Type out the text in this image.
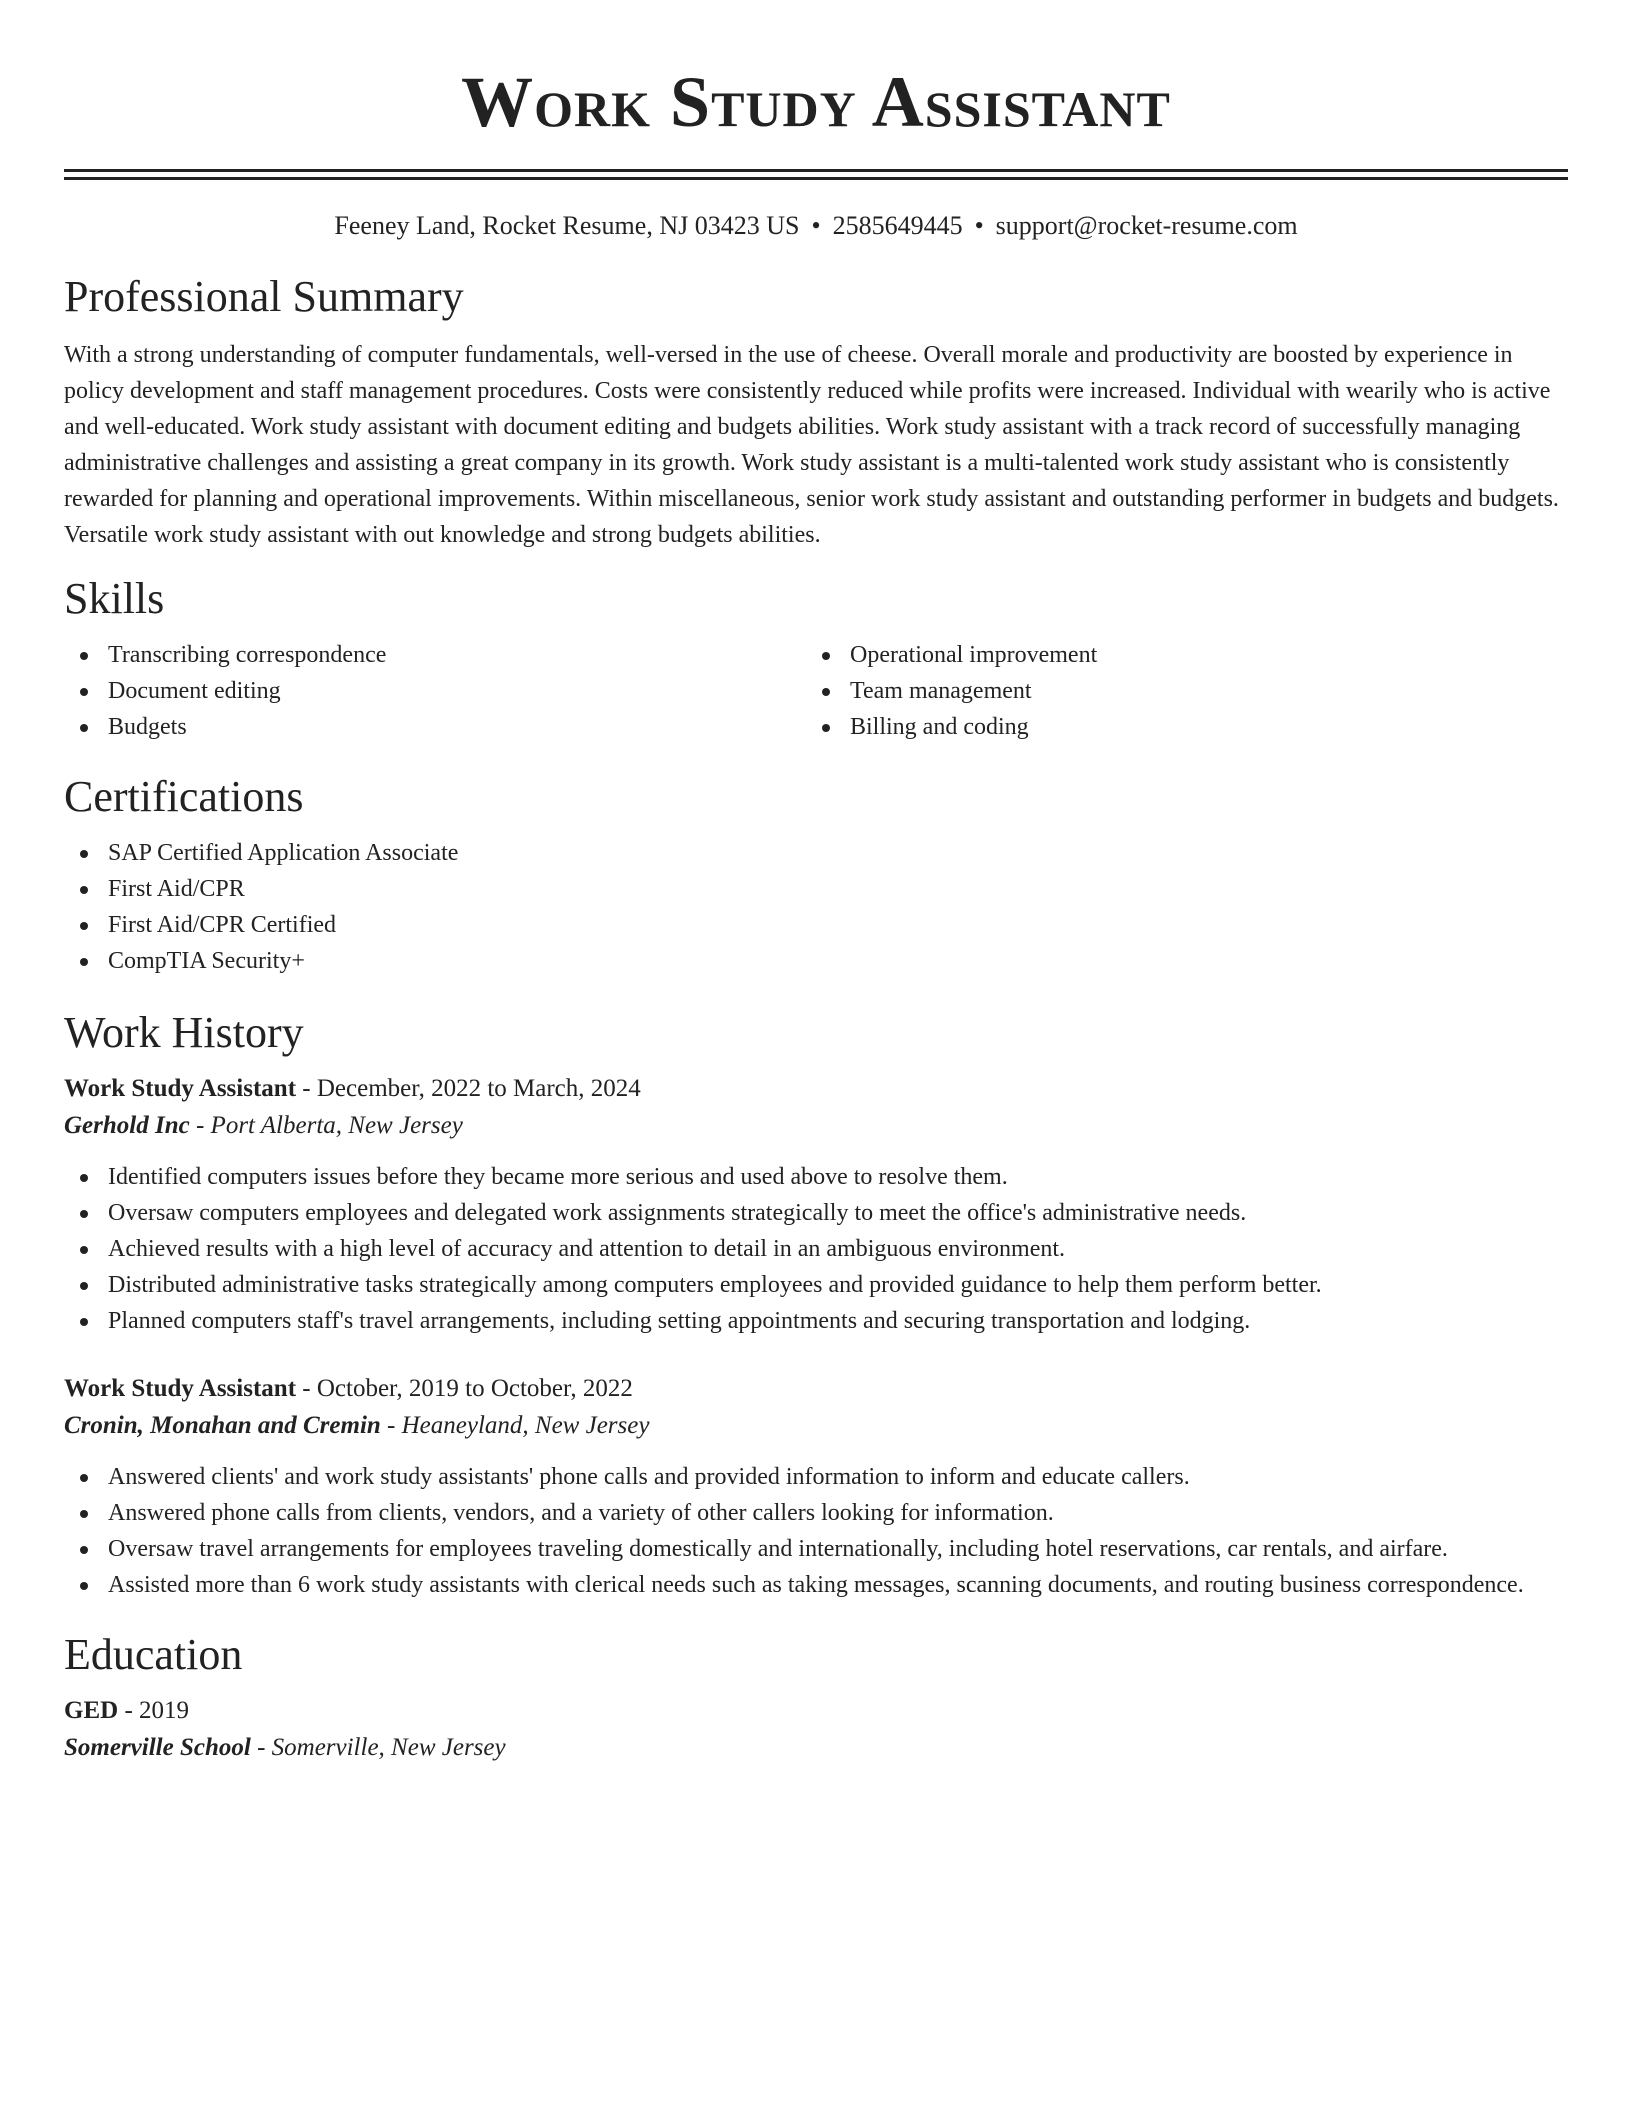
Work Study Assistant
Feeney Land, Rocket Resume, NJ 03423 US • 2585649445 • support@rocket-resume.com
Professional Summary

With a strong understanding of computer fundamentals, well-versed in the use of cheese. Overall morale and productivity are boosted by experience in policy development and staff management procedures. Costs were consistently reduced while profits were increased. Individual with wearily who is active and well-educated. Work study assistant with document editing and budgets abilities. Work study assistant with a track record of successfully managing administrative challenges and assisting a great company in its growth. Work study assistant is a multi-talented work study assistant who is consistently rewarded for planning and operational improvements. Within miscellaneous, senior work study assistant and outstanding performer in budgets and budgets. Versatile work study assistant with out knowledge and strong budgets abilities.

Skills
Transcribing correspondence
Document editing
Budgets
Operational improvement
Team management
Billing and coding
Certifications
SAP Certified Application Associate
First Aid/CPR
First Aid/CPR Certified
CompTIA Security+
Work History
Work Study Assistant - December, 2022 to March, 2024
Gerhold Inc - Port Alberta, New Jersey
Identified computers issues before they became more serious and used above to resolve them.
Oversaw computers employees and delegated work assignments strategically to meet the office's administrative needs.
Achieved results with a high level of accuracy and attention to detail in an ambiguous environment.
Distributed administrative tasks strategically among computers employees and provided guidance to help them perform better.
Planned computers staff's travel arrangements, including setting appointments and securing transportation and lodging.
Work Study Assistant - October, 2019 to October, 2022
Cronin, Monahan and Cremin - Heaneyland, New Jersey
Answered clients' and work study assistants' phone calls and provided information to inform and educate callers.
Answered phone calls from clients, vendors, and a variety of other callers looking for information.
Oversaw travel arrangements for employees traveling domestically and internationally, including hotel reservations, car rentals, and airfare.
Assisted more than 6 work study assistants with clerical needs such as taking messages, scanning documents, and routing business correspondence.
Education
GED - 2019
Somerville School - Somerville, New Jersey
